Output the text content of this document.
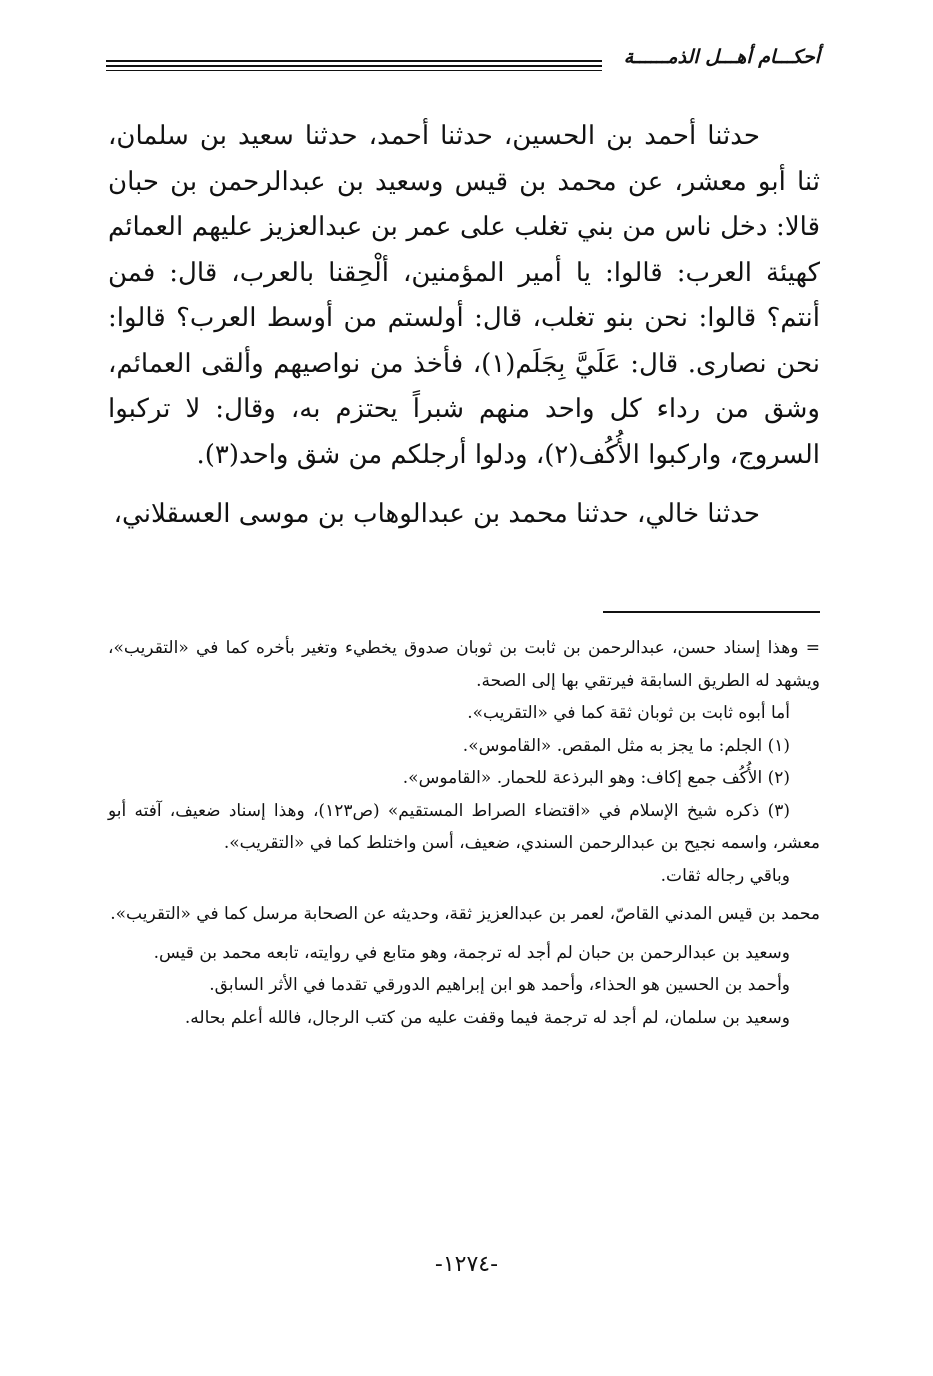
أحكـــام أهـــل الذمــــــة

حدثنا أحمد بن الحسين، حدثنا أحمد، حدثنا سعيد بن سلمان، ثنا أبو معشر، عن محمد بن قيس وسعيد بن عبدالرحمن بن حبان قالا: دخل ناس من بني تغلب على عمر بن عبدالعزيز عليهم العمائم كهيئة العرب: قالوا: يا أمير المؤمنين، ألْحِقنا بالعرب، قال: فمن أنتم؟ قالوا: نحن بنو تغلب، قال: أولستم من أوسط العرب؟ قالوا: نحن نصارى. قال: عَلَيَّ بِجَلَم(١)، فأخذ من نواصيهم وألقى العمائم، وشق من رداء كل واحد منهم شبراً يحتزم به، وقال: لا تركبوا السروج، واركبوا الأُكُف(٢)، ودلوا أرجلكم من شق واحد(٣).

حدثنا خالي، حدثنا محمد بن عبدالوهاب بن موسى العسقلاني،

= وهذا إسناد حسن، عبدالرحمن بن ثابت بن ثوبان صدوق يخطيء وتغير بأخره كما في «التقريب»، ويشهد له الطريق السابقة فيرتقي بها إلى الصحة.

أما أبوه ثابت بن ثوبان ثقة كما في «التقريب».

(١) الجلم: ما يجز به مثل المقص. «القاموس».

(٢) الأُكُف جمع إكاف: وهو البرذعة للحمار. «القاموس».

(٣) ذكره شيخ الإسلام في «اقتضاء الصراط المستقيم» (ص١٢٣)، وهذا إسناد ضعيف، آفته أبو معشر، واسمه نجيح بن عبدالرحمن السندي، ضعيف، أسن واختلط كما في «التقريب».

وباقي رجاله ثقات.

محمد بن قيس المدني القاصّ، لعمر بن عبدالعزيز ثقة، وحديثه عن الصحابة مرسل كما في «التقريب».

وسعيد بن عبدالرحمن بن حبان لم أجد له ترجمة، وهو متابع في روايته، تابعه محمد بن قيس.

وأحمد بن الحسين هو الحذاء، وأحمد هو ابن إبراهيم الدورقي تقدما في الأثر السابق.

وسعيد بن سلمان، لم أجد له ترجمة فيما وقفت عليه من كتب الرجال، فالله أعلم بحاله.

-١٢٧٤-
